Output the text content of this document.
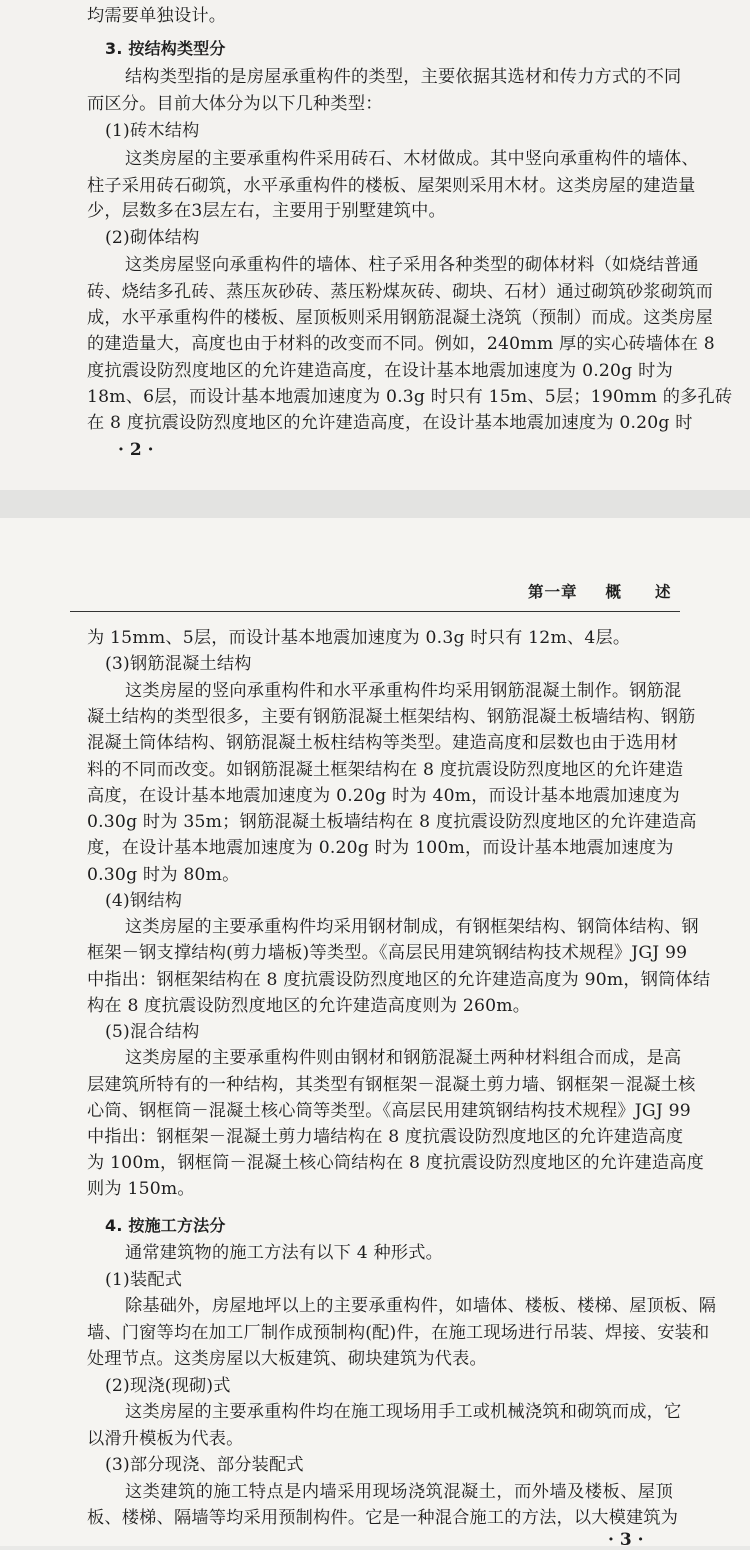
均需要单独设计。
3. 按结构类型分
结构类型指的是房屋承重构件的类型，主要依据其选材和传力方式的不同
而区分。目前大体分为以下几种类型：
(1)砖木结构
这类房屋的主要承重构件采用砖石、木材做成。其中竖向承重构件的墙体、
柱子采用砖石砌筑，水平承重构件的楼板、屋架则采用木材。这类房屋的建造量
少，层数多在3层左右，主要用于别墅建筑中。
(2)砌体结构
这类房屋竖向承重构件的墙体、柱子采用各种类型的砌体材料（如烧结普通
砖、烧结多孔砖、蒸压灰砂砖、蒸压粉煤灰砖、砌块、石材）通过砌筑砂浆砌筑而
成，水平承重构件的楼板、屋顶板则采用钢筋混凝土浇筑（预制）而成。这类房屋
的建造量大，高度也由于材料的改变而不同。例如，240mm 厚的实心砖墙体在 8
度抗震设防烈度地区的允许建造高度，在设计基本地震加速度为 0.20g 时为
18m、6层，而设计基本地震加速度为 0.3g 时只有 15m、5层；190mm 的多孔砖
在 8 度抗震设防烈度地区的允许建造高度，在设计基本地震加速度为 0.20g 时
· 2 ·
第一章 概　　述
为 15mm、5层，而设计基本地震加速度为 0.3g 时只有 12m、4层。
(3)钢筋混凝土结构
这类房屋的竖向承重构件和水平承重构件均采用钢筋混凝土制作。钢筋混
凝土结构的类型很多，主要有钢筋混凝土框架结构、钢筋混凝土板墙结构、钢筋
混凝土筒体结构、钢筋混凝土板柱结构等类型。建造高度和层数也由于选用材
料的不同而改变。如钢筋混凝土框架结构在 8 度抗震设防烈度地区的允许建造
高度，在设计基本地震加速度为 0.20g 时为 40m，而设计基本地震加速度为
0.30g 时为 35m；钢筋混凝土板墙结构在 8 度抗震设防烈度地区的允许建造高
度，在设计基本地震加速度为 0.20g 时为 100m，而设计基本地震加速度为
0.30g 时为 80m。
(4)钢结构
这类房屋的主要承重构件均采用钢材制成，有钢框架结构、钢筒体结构、钢
框架－钢支撑结构(剪力墙板)等类型。《高层民用建筑钢结构技术规程》JGJ 99
中指出：钢框架结构在 8 度抗震设防烈度地区的允许建造高度为 90m，钢筒体结
构在 8 度抗震设防烈度地区的允许建造高度则为 260m。
(5)混合结构
这类房屋的主要承重构件则由钢材和钢筋混凝土两种材料组合而成，是高
层建筑所特有的一种结构，其类型有钢框架－混凝土剪力墙、钢框架－混凝土核
心筒、钢框筒－混凝土核心筒等类型。《高层民用建筑钢结构技术规程》JGJ 99
中指出：钢框架－混凝土剪力墙结构在 8 度抗震设防烈度地区的允许建造高度
为 100m，钢框筒－混凝土核心筒结构在 8 度抗震设防烈度地区的允许建造高度
则为 150m。
4. 按施工方法分
通常建筑物的施工方法有以下 4 种形式。
(1)装配式
除基础外，房屋地坪以上的主要承重构件，如墙体、楼板、楼梯、屋顶板、隔
墙、门窗等均在加工厂制作成预制构(配)件，在施工现场进行吊装、焊接、安装和
处理节点。这类房屋以大板建筑、砌块建筑为代表。
(2)现浇(现砌)式
这类房屋的主要承重构件均在施工现场用手工或机械浇筑和砌筑而成，它
以滑升模板为代表。
(3)部分现浇、部分装配式
这类建筑的施工特点是内墙采用现场浇筑混凝土，而外墙及楼板、屋顶
板、楼梯、隔墙等均采用预制构件。它是一种混合施工的方法，以大模建筑为
· 3 ·
